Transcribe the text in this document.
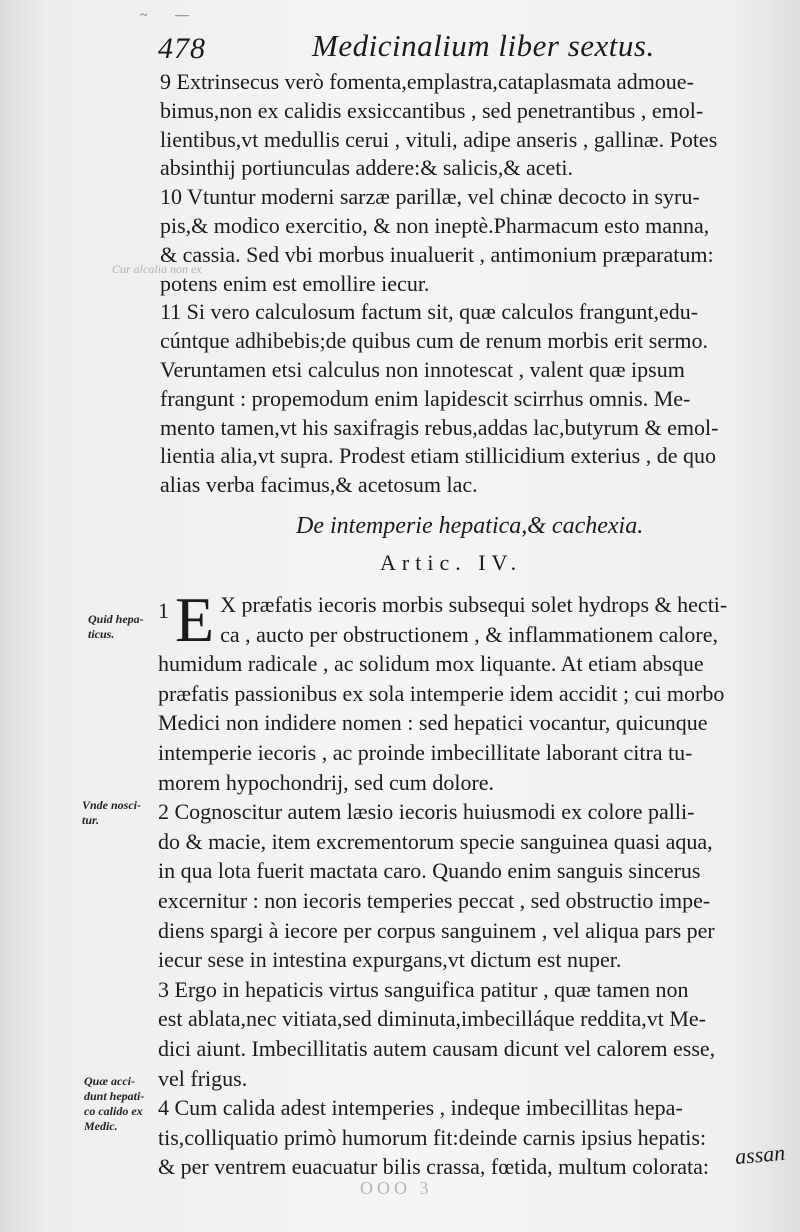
~ —
478	Medicinalium liber sextus.
Cur alcalia non ex
9 Extrinsecus verò fomenta,emplastra,cataplasmata admoue-
bimus,non ex calidis exsiccantibus , sed penetrantibus , emol-
lientibus,vt medullis cerui , vituli, adipe anseris , gallinæ. Potes
absinthij portiunculas addere:& salicis,& aceti.
10 Vtuntur moderni sarzæ parillæ, vel chinæ decocto in syru-
pis,& modico exercitio, & non ineptè.Pharmacum esto manna,
& cassia. Sed vbi morbus inualuerit , antimonium præparatum:
potens enim est emollire iecur.
11 Si vero calculosum factum sit, quæ calculos frangunt,edu-
cúntque adhibebis;de quibus cum de renum morbis erit sermo.
Veruntamen etsi calculus non innotescat , valent quæ ipsum
frangunt : propemodum enim lapidescit scirrhus omnis. Me-
mento tamen,vt his saxifragis rebus,addas lac,butyrum & emol-
lientia alia,vt supra. Prodest etiam stillicidium exterius , de quo
alias verba facimus,& acetosum lac.
De intemperie hepatica,& cachexia.
Artic. IV.
Quid hepa-
ticus.
Vnde nosci-
tur.
Quæ acci-
dunt hepati-
co calido ex
Medic.
1 E X præfatis iecoris morbis subsequi solet hydrops & hecti-
ca , aucto per obstructionem , & inflammationem calore,
humidum radicale , ac solidum mox liquante. At etiam absque
præfatis passionibus ex sola intemperie idem accidit ; cui morbo
Medici non indidere nomen : sed hepatici vocantur, quicunque
intemperie iecoris , ac proinde imbecillitate laborant citra tu-
morem hypochondrij, sed cum dolore.
2 Cognoscitur autem læsio iecoris huiusmodi ex colore palli-
do & macie, item excrementorum specie sanguinea quasi aqua,
in qua lota fuerit mactata caro. Quando enim sanguis sincerus
excernitur : non iecoris temperies peccat , sed obstructio impe-
diens spargi à iecore per corpus sanguinem , vel aliqua pars per
iecur sese in intestina expurgans,vt dictum est nuper.
3 Ergo in hepaticis virtus sanguifica patitur , quæ tamen non
est ablata,nec vitiata,sed diminuta,imbecilláque reddita,vt Me-
dici aiunt. Imbecillitatis autem causam dicunt vel calorem esse,
vel frigus.
4 Cum calida adest intemperies , indeque imbecillitas hepa-
tis,colliquatio primò humorum fit:deinde carnis ipsius hepatis:
& per ventrem euacuatur bilis crassa, fœtida, multum colorata:	assan
OOO 3
